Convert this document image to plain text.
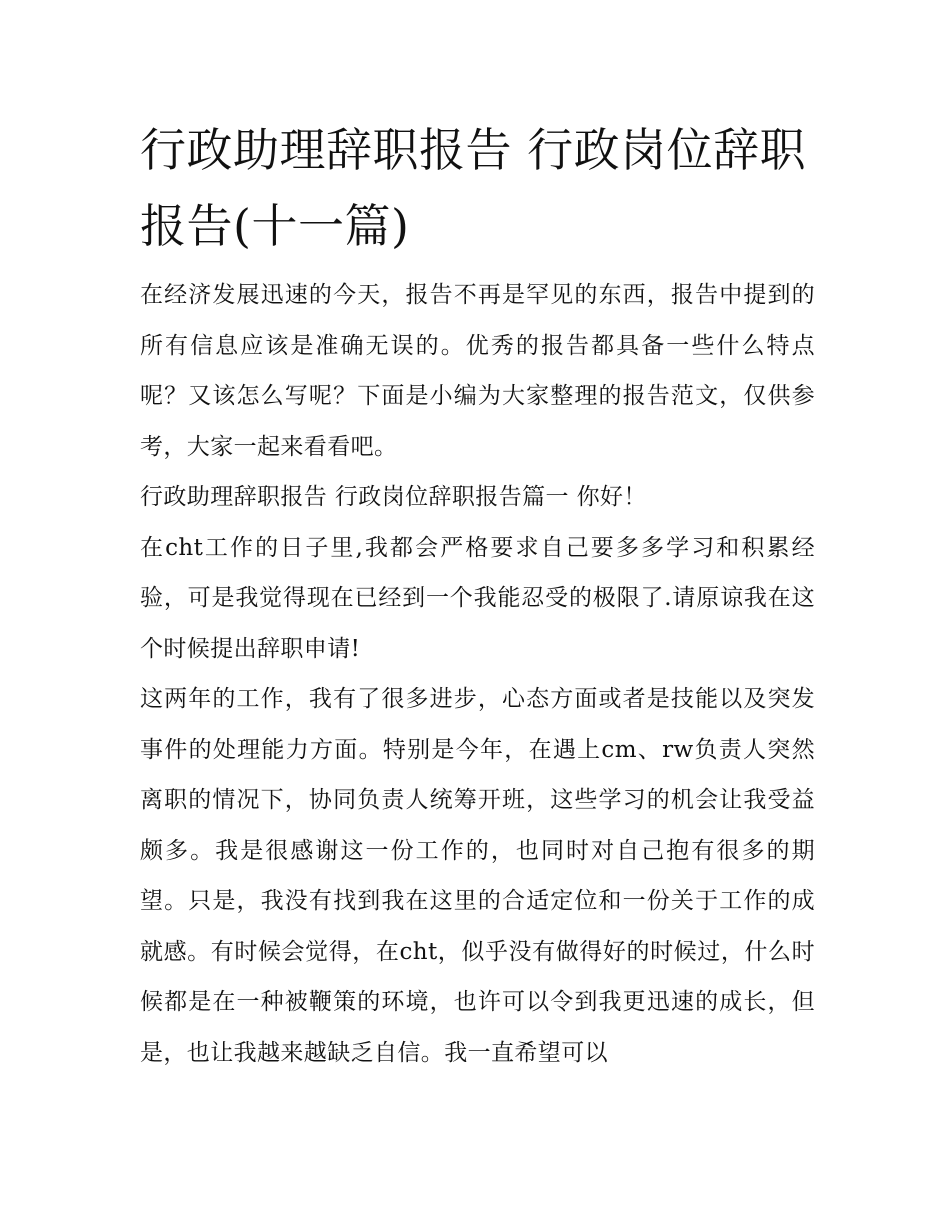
行政助理辞职报告 行政岗位辞职报告(十一篇)

在经济发展迅速的今天，报告不再是罕见的东西，报告中提到的所有信息应该是准确无误的。优秀的报告都具备一些什么特点呢？又该怎么写呢？下面是小编为大家整理的报告范文，仅供参考，大家一起来看看吧。

行政助理辞职报告 行政岗位辞职报告篇一 你好！

在cht工作的日子里,我都会严格要求自己要多多学习和积累经验，可是我觉得现在已经到一个我能忍受的极限了.请原谅我在这个时候提出辞职申请!

这两年的工作，我有了很多进步，心态方面或者是技能以及突发事件的处理能力方面。特别是今年，在遇上cm、rw负责人突然离职的情况下，协同负责人统筹开班，这些学习的机会让我受益颇多。我是很感谢这一份工作的，也同时对自己抱有很多的期望。只是，我没有找到我在这里的合适定位和一份关于工作的成就感。有时候会觉得，在cht，似乎没有做得好的时候过，什么时候都是在一种被鞭策的环境，也许可以令到我更迅速的成长，但是，也让我越来越缺乏自信。我一直希望可以
